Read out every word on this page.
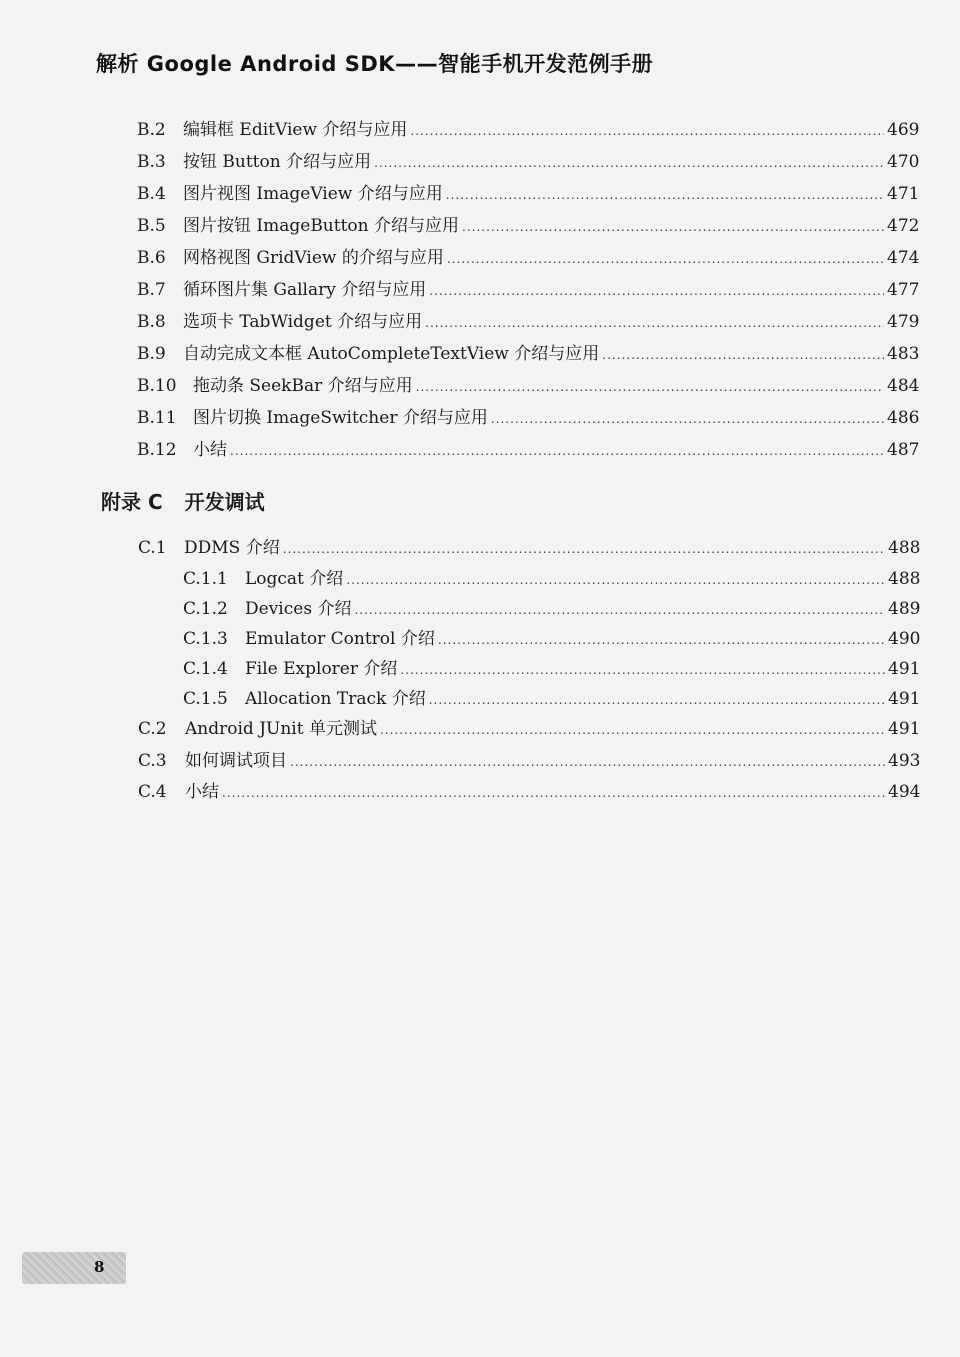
解析 Google Android SDK——智能手机开发范例手册
B.2	编辑框 EditView 介绍与应用 .....	469
B.3	按钮 Button 介绍与应用 .....	470
B.4	图片视图 ImageView 介绍与应用 .....	471
B.5	图片按钮 ImageButton 介绍与应用 .....	472
B.6	网格视图 GridView 的介绍与应用 .....	474
B.7	循环图片集 Gallary 介绍与应用 .....	477
B.8	选项卡 TabWidget 介绍与应用 .....	479
B.9	自动完成文本框 AutoCompleteTextView 介绍与应用 .....	483
B.10 拖动条 SeekBar 介绍与应用 .....	484
B.11 图片切换 ImageSwitcher 介绍与应用 .....	486
B.12 小结 .....	487
附录 C 开发调试
C.1	DDMS 介绍 .....	488
C.1.1	Logcat 介绍 .....	488
C.1.2	Devices 介绍 .....	489
C.1.3	Emulator Control 介绍 .....	490
C.1.4	File Explorer 介绍 .....	491
C.1.5	Allocation Track 介绍 .....	491
C.2	Android JUnit 单元测试 .....	491
C.3	如何调试项目 .....	493
C.4	小结 .....	494
8
